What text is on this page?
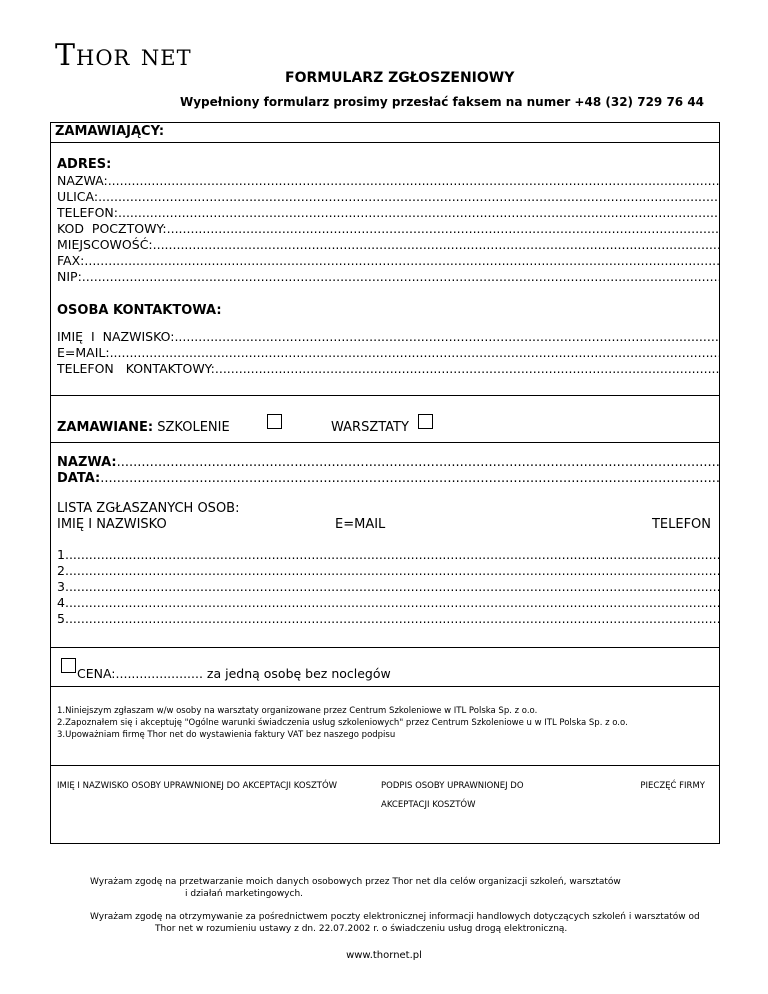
Thor net
FORMULARZ ZGŁOSZENIOWY
Wypełniony formularz prosimy przesłać faksem na numer +48 (32) 729 76 44
ZAMAWIAJĄCY:
ADRES:
NAZWA: .....
ULICA: .....
TELEFON: .....
KOD  POCZTOWY: .....
MIEJSCOWOŚĆ: .....
FAX: .....
NIP: .....
OSOBA KONTAKTOWA:
IMIĘ  I  NAZWISKO: .....
E=MAIL: .....
TELEFON   KONTAKTOWY: .....
ZAMAWIANE: SZKOLENIE	WARSZTATY
NAZWA: .....
DATA: .....
LISTA ZGŁASZANYCH OSÓB:
IMIĘ I NAZWISKO	E=MAIL	TELEFON
1. .....
2. .....
3. .....
4. .....
5. .....
CENA:...................... za jedną osobę bez noclegów
1.Niniejszym zgłaszam w/w osoby na warsztaty organizowane przez Centrum Szkoleniowe w ITL Polska Sp. z o.o.
2.Zapoznałem się i akceptuję "Ogólne warunki świadczenia usług szkoleniowych" przez Centrum Szkoleniowe u w ITL Polska Sp. z o.o.
3.Upoważniam firmę Thor net do wystawienia faktury VAT bez naszego podpisu
IMIĘ I NAZWISKO OSOBY UPRAWNIONEJ DO AKCEPTACJI KOSZTÓW	PODPIS OSOBY UPRAWNIONEJ DO
AKCEPTACJI KOSZTÓW
PIECZĘĆ FIRMY
Wyrażam zgodę na przetwarzanie moich danych osobowych przez Thor net dla celów organizacji szkoleń, warsztatów
i działań marketingowych.
Wyrażam zgodę na otrzymywanie za pośrednictwem poczty elektronicznej informacji handlowych dotyczących szkoleń i warsztatów od
Thor net w rozumieniu ustawy z dn. 22.07.2002 r. o świadczeniu usług drogą elektroniczną.
www.thornet.pl
